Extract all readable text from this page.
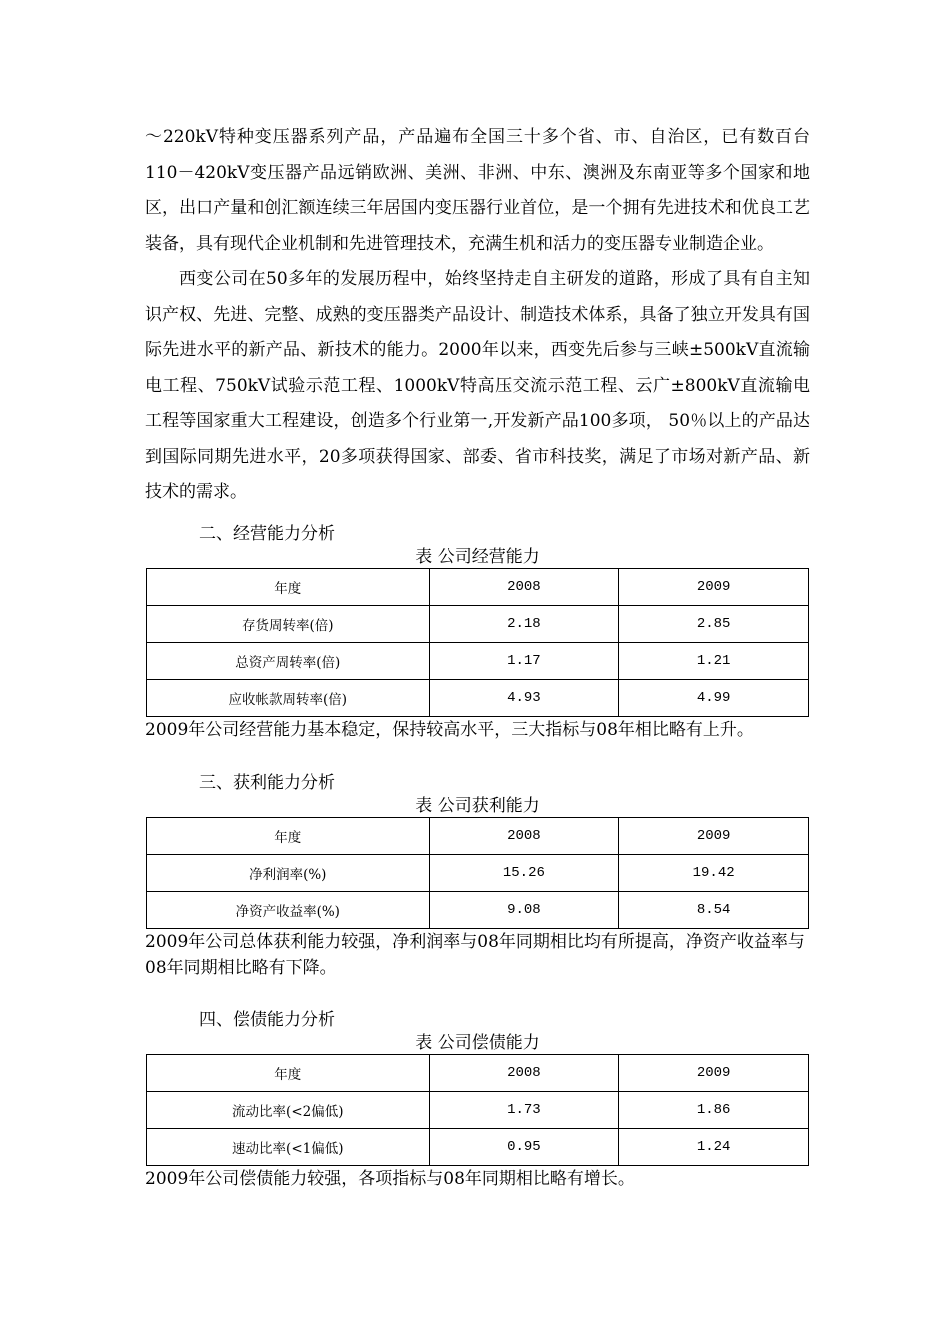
～220kV特种变压器系列产品，产品遍布全国三十多个省、市、自治区，已有数百台110－420kV变压器产品远销欧洲、美洲、非洲、中东、澳洲及东南亚等多个国家和地区，出口产量和创汇额连续三年居国内变压器行业首位，是一个拥有先进技术和优良工艺装备，具有现代企业机制和先进管理技术，充满生机和活力的变压器专业制造企业。

西变公司在50多年的发展历程中，始终坚持走自主研发的道路，形成了具有自主知识产权、先进、完整、成熟的变压器类产品设计、制造技术体系，具备了独立开发具有国际先进水平的新产品、新技术的能力。2000年以来，西变先后参与三峡±500kV直流输电工程、750kV试验示范工程、1000kV特高压交流示范工程、云广±800kV直流输电工程等国家重大工程建设，创造多个行业第一,开发新产品100多项， 50％以上的产品达到国际同期先进水平，20多项获得国家、部委、省市科技奖，满足了市场对新产品、新技术的需求。

二、经营能力分析

表 公司经营能力

年度	2008	2009
存货周转率(倍)	2.18	2.85
总资产周转率(倍)	1.17	1.21
应收帐款周转率(倍)	4.93	4.99

2009年公司经营能力基本稳定，保持较高水平，三大指标与08年相比略有上升。

三、获利能力分析

表 公司获利能力

年度	2008	2009
净利润率(%)	15.26	19.42
净资产收益率(%)	9.08	8.54

2009年公司总体获利能力较强，净利润率与08年同期相比均有所提高，净资产收益率与08年同期相比略有下降。

四、偿债能力分析

表 公司偿债能力

年度	2008	2009
流动比率(<2偏低)	1.73	1.86
速动比率(<1偏低)	0.95	1.24

2009年公司偿债能力较强，各项指标与08年同期相比略有增长。
